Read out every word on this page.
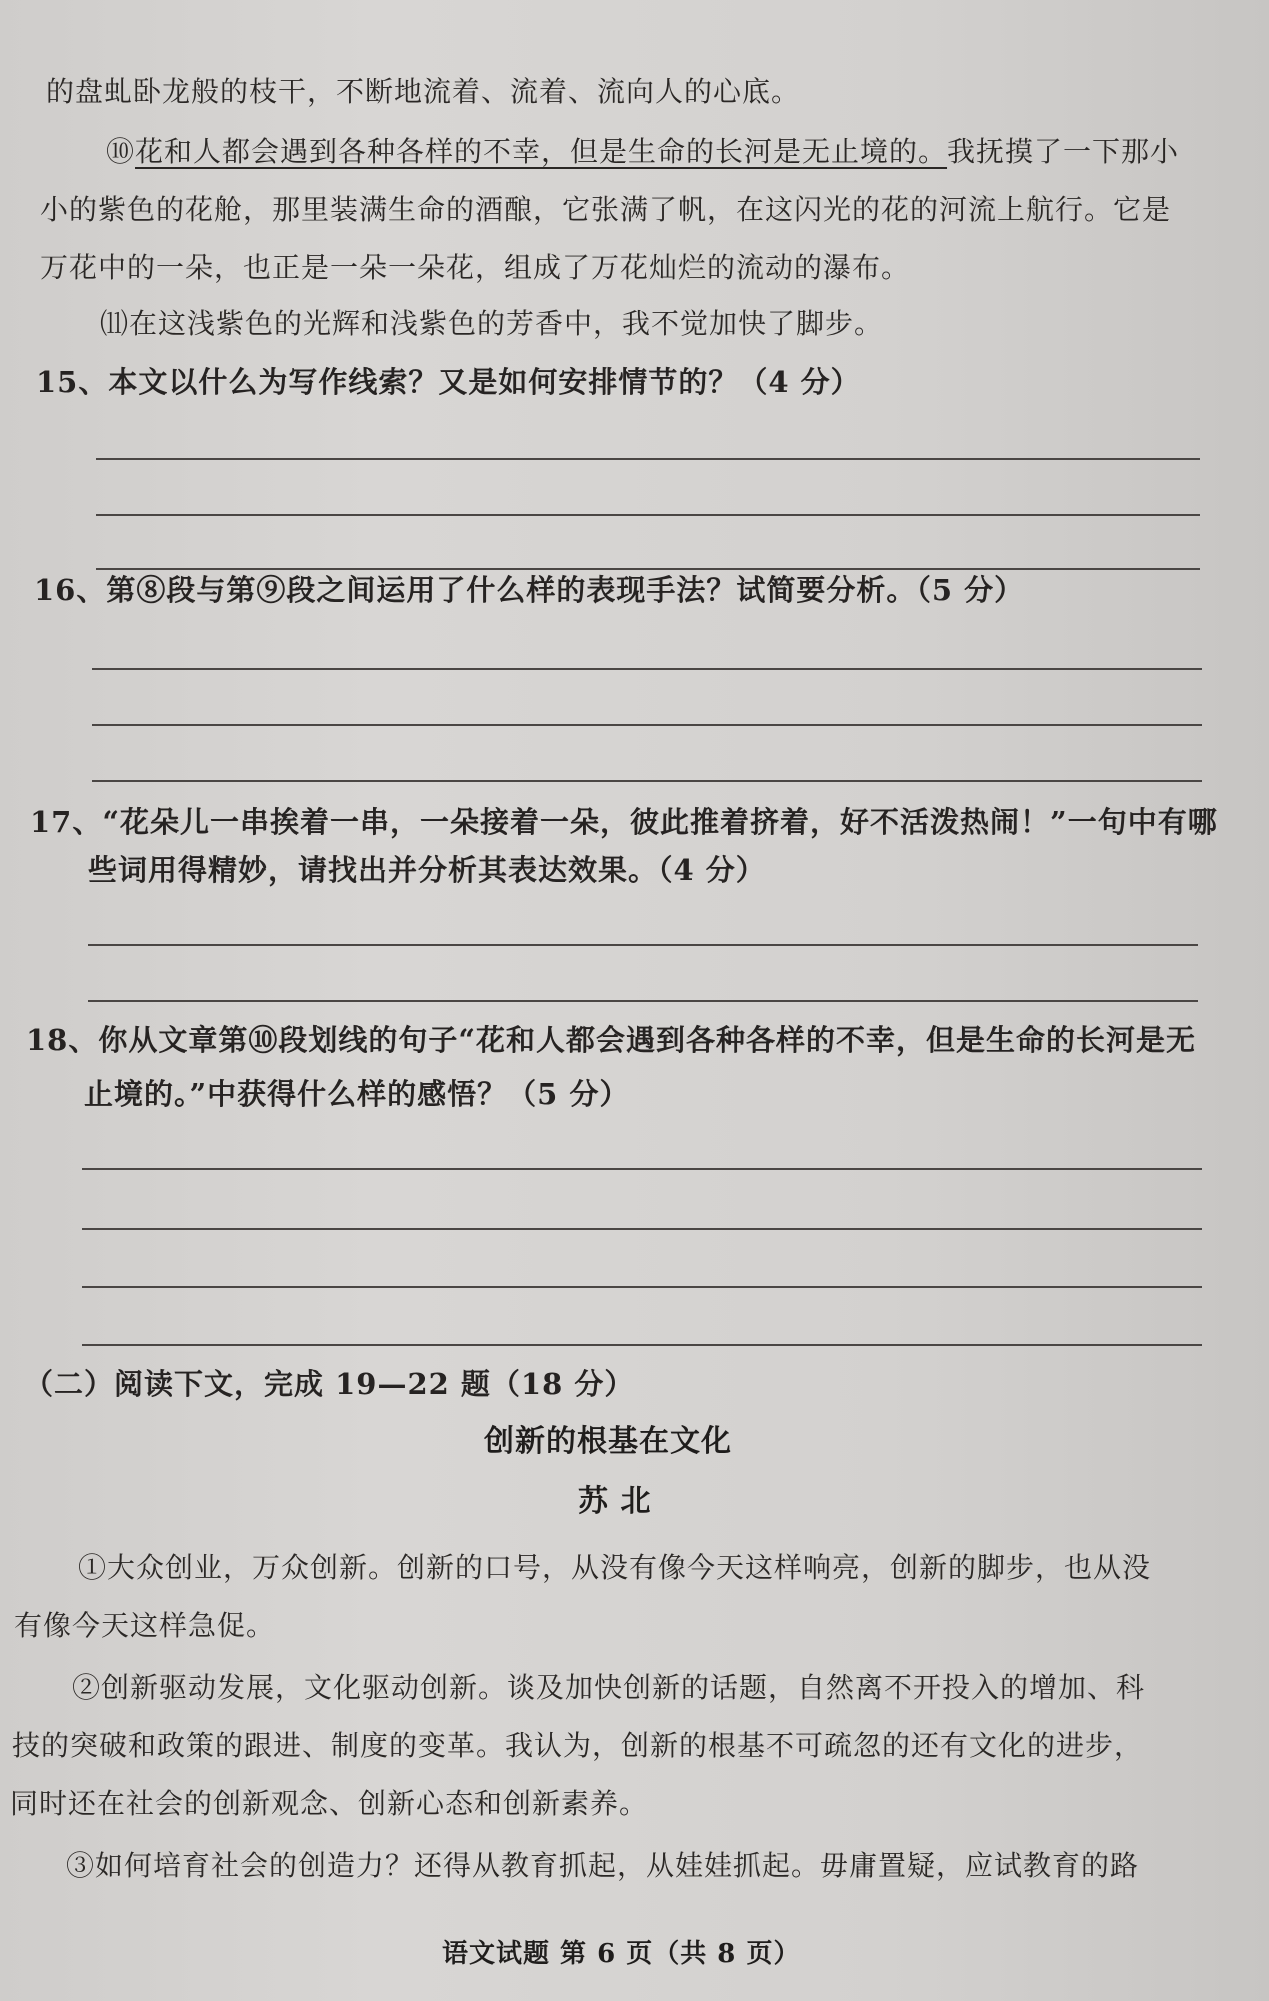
的盘虬卧龙般的枝干，不断地流着、流着、流向人的心底。
⑩花和人都会遇到各种各样的不幸，但是生命的长河是无止境的。我抚摸了一下那小
小的紫色的花舱，那里装满生命的酒酿，它张满了帆，在这闪光的花的河流上航行。它是
万花中的一朵，也正是一朵一朵花，组成了万花灿烂的流动的瀑布。
⑾在这浅紫色的光辉和浅紫色的芳香中，我不觉加快了脚步。
15、本文以什么为写作线索？又是如何安排情节的？（4 分）
16、第⑧段与第⑨段之间运用了什么样的表现手法？试简要分析。（5 分）
17、“花朵儿一串挨着一串，一朵接着一朵，彼此推着挤着，好不活泼热闹！”一句中有哪
些词用得精妙，请找出并分析其表达效果。（4 分）
18、你从文章第⑩段划线的句子“花和人都会遇到各种各样的不幸，但是生命的长河是无
止境的。”中获得什么样的感悟？（5 分）
（二）阅读下文，完成 19—22 题（18 分）
创新的根基在文化
苏 北
①大众创业，万众创新。创新的口号，从没有像今天这样响亮，创新的脚步，也从没
有像今天这样急促。
②创新驱动发展，文化驱动创新。谈及加快创新的话题，自然离不开投入的增加、科
技的突破和政策的跟进、制度的变革。我认为，创新的根基不可疏忽的还有文化的进步，
同时还在社会的创新观念、创新心态和创新素养。
③如何培育社会的创造力？还得从教育抓起，从娃娃抓起。毋庸置疑，应试教育的路
语文试题 第 6 页（共 8 页）
